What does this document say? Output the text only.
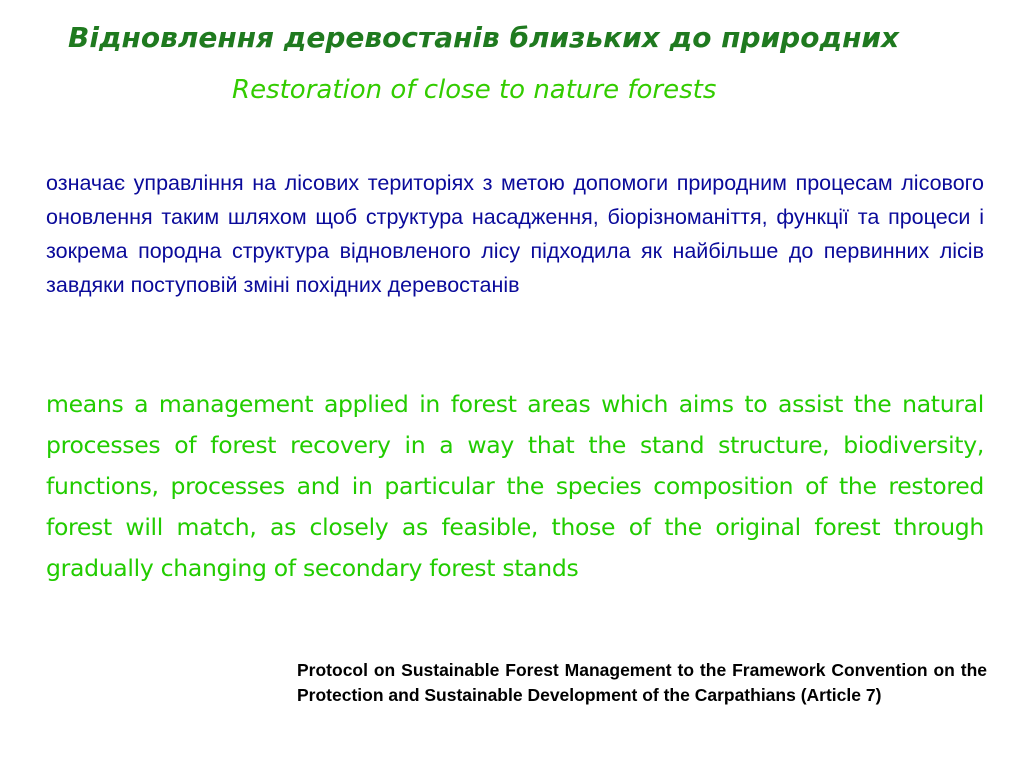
Відновлення деревостанів близьких до природних
Restoration of close to nature forests
означає управління на лісових територіях з метою допомоги природним процесам лісового оновлення таким шляхом щоб структура насадження, біорізноманіття, функції та процеси і зокрема породна структура відновленого лісу підходила як найбільше до первинних лісів завдяки поступовій зміні похідних деревостанів
means a management applied in forest areas which aims to assist the natural processes of forest recovery in a way that the stand structure, biodiversity, functions, processes and in particular the species composition of the restored forest will match, as closely as feasible, those of the original forest through gradually changing of secondary forest stands
Protocol on Sustainable Forest Management to the Framework Convention on the Protection and Sustainable Development of the Carpathians (Article 7)
